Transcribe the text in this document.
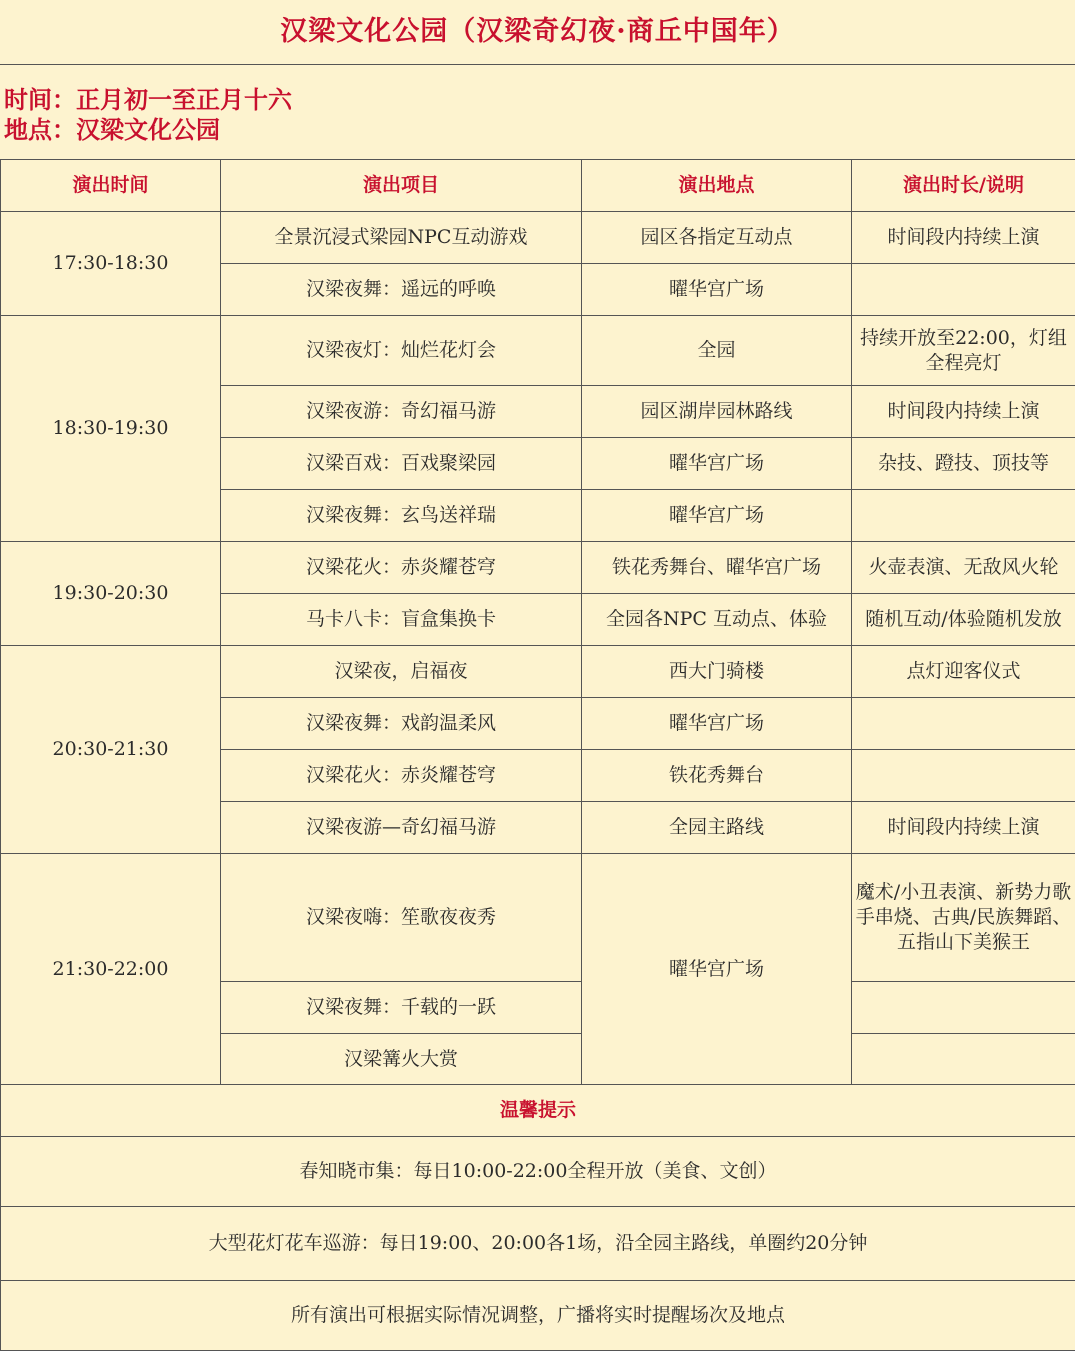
汉梁文化公园（汉梁奇幻夜·商丘中国年）
时间：正月初一至正月十六
地点：汉梁文化公园
演出时间	演出项目	演出地点	演出时长/说明
17:30-18:30	全景沉浸式梁园NPC互动游戏	园区各指定互动点	时间段内持续上演
	汉梁夜舞：遥远的呼唤	曜华宫广场	
18:30-19:30	汉梁夜灯：灿烂花灯会	全园	持续开放至22:00，灯组全程亮灯
	汉梁夜游：奇幻福马游	园区湖岸园林路线	时间段内持续上演
	汉梁百戏：百戏聚梁园	曜华宫广场	杂技、蹬技、顶技等
	汉梁夜舞：玄鸟送祥瑞	曜华宫广场	
19:30-20:30	汉梁花火：赤炎耀苍穹	铁花秀舞台、曜华宫广场	火壶表演、无敌风火轮
	马卡八卡：盲盒集换卡	全园各NPC 互动点、体验	随机互动/体验随机发放
20:30-21:30	汉梁夜，启福夜	西大门骑楼	点灯迎客仪式
	汉梁夜舞：戏韵温柔风	曜华宫广场	
	汉梁花火：赤炎耀苍穹	铁花秀舞台	
	汉梁夜游—奇幻福马游	全园主路线	时间段内持续上演
21:30-22:00	汉梁夜嗨：笙歌夜夜秀	曜华宫广场	魔术/小丑表演、新势力歌手串烧、古典/民族舞蹈、五指山下美猴王
	汉梁夜舞：千载的一跃		
	汉梁篝火大赏		
温馨提示			
春知晓市集：每日10:00-22:00全程开放（美食、文创）			
大型花灯花车巡游：每日19:00、20:00各1场，沿全园主路线，单圈约20分钟			
所有演出可根据实际情况调整，广播将实时提醒场次及地点			
